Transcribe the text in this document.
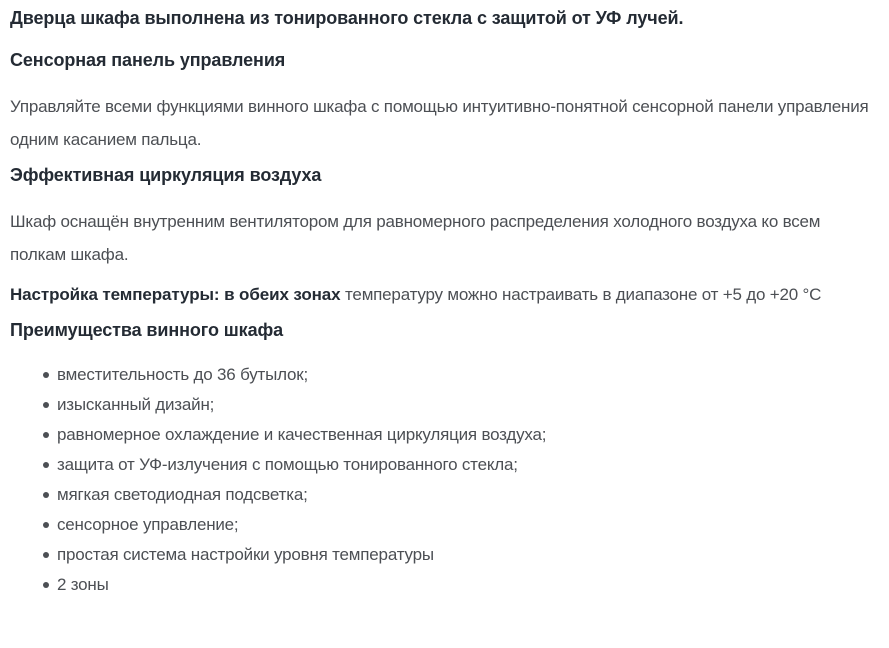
Дверца шкафа выполнена из тонированного стекла с защитой от УФ лучей.

Сенсорная панель управления

Управляйте всеми функциями винного шкафа с помощью интуитивно-понятной сенсорной панели управления одним касанием пальца.

Эффективная циркуляция воздуха

Шкаф оснащён внутренним вентилятором для равномерного распределения холодного воздуха ко всем полкам шкафа.

Настройка температуры: в обеих зонах температуру можно настраивать в диапазоне от +5 до +20 °C

Преимущества винного шкафа
вместительность до 36 бутылок;
изысканный дизайн;
равномерное охлаждение и качественная циркуляция воздуха;
защита от УФ-излучения с помощью тонированного стекла;
мягкая светодиодная подсветка;
сенсорное управление;
простая система настройки уровня температуры
2 зоны
